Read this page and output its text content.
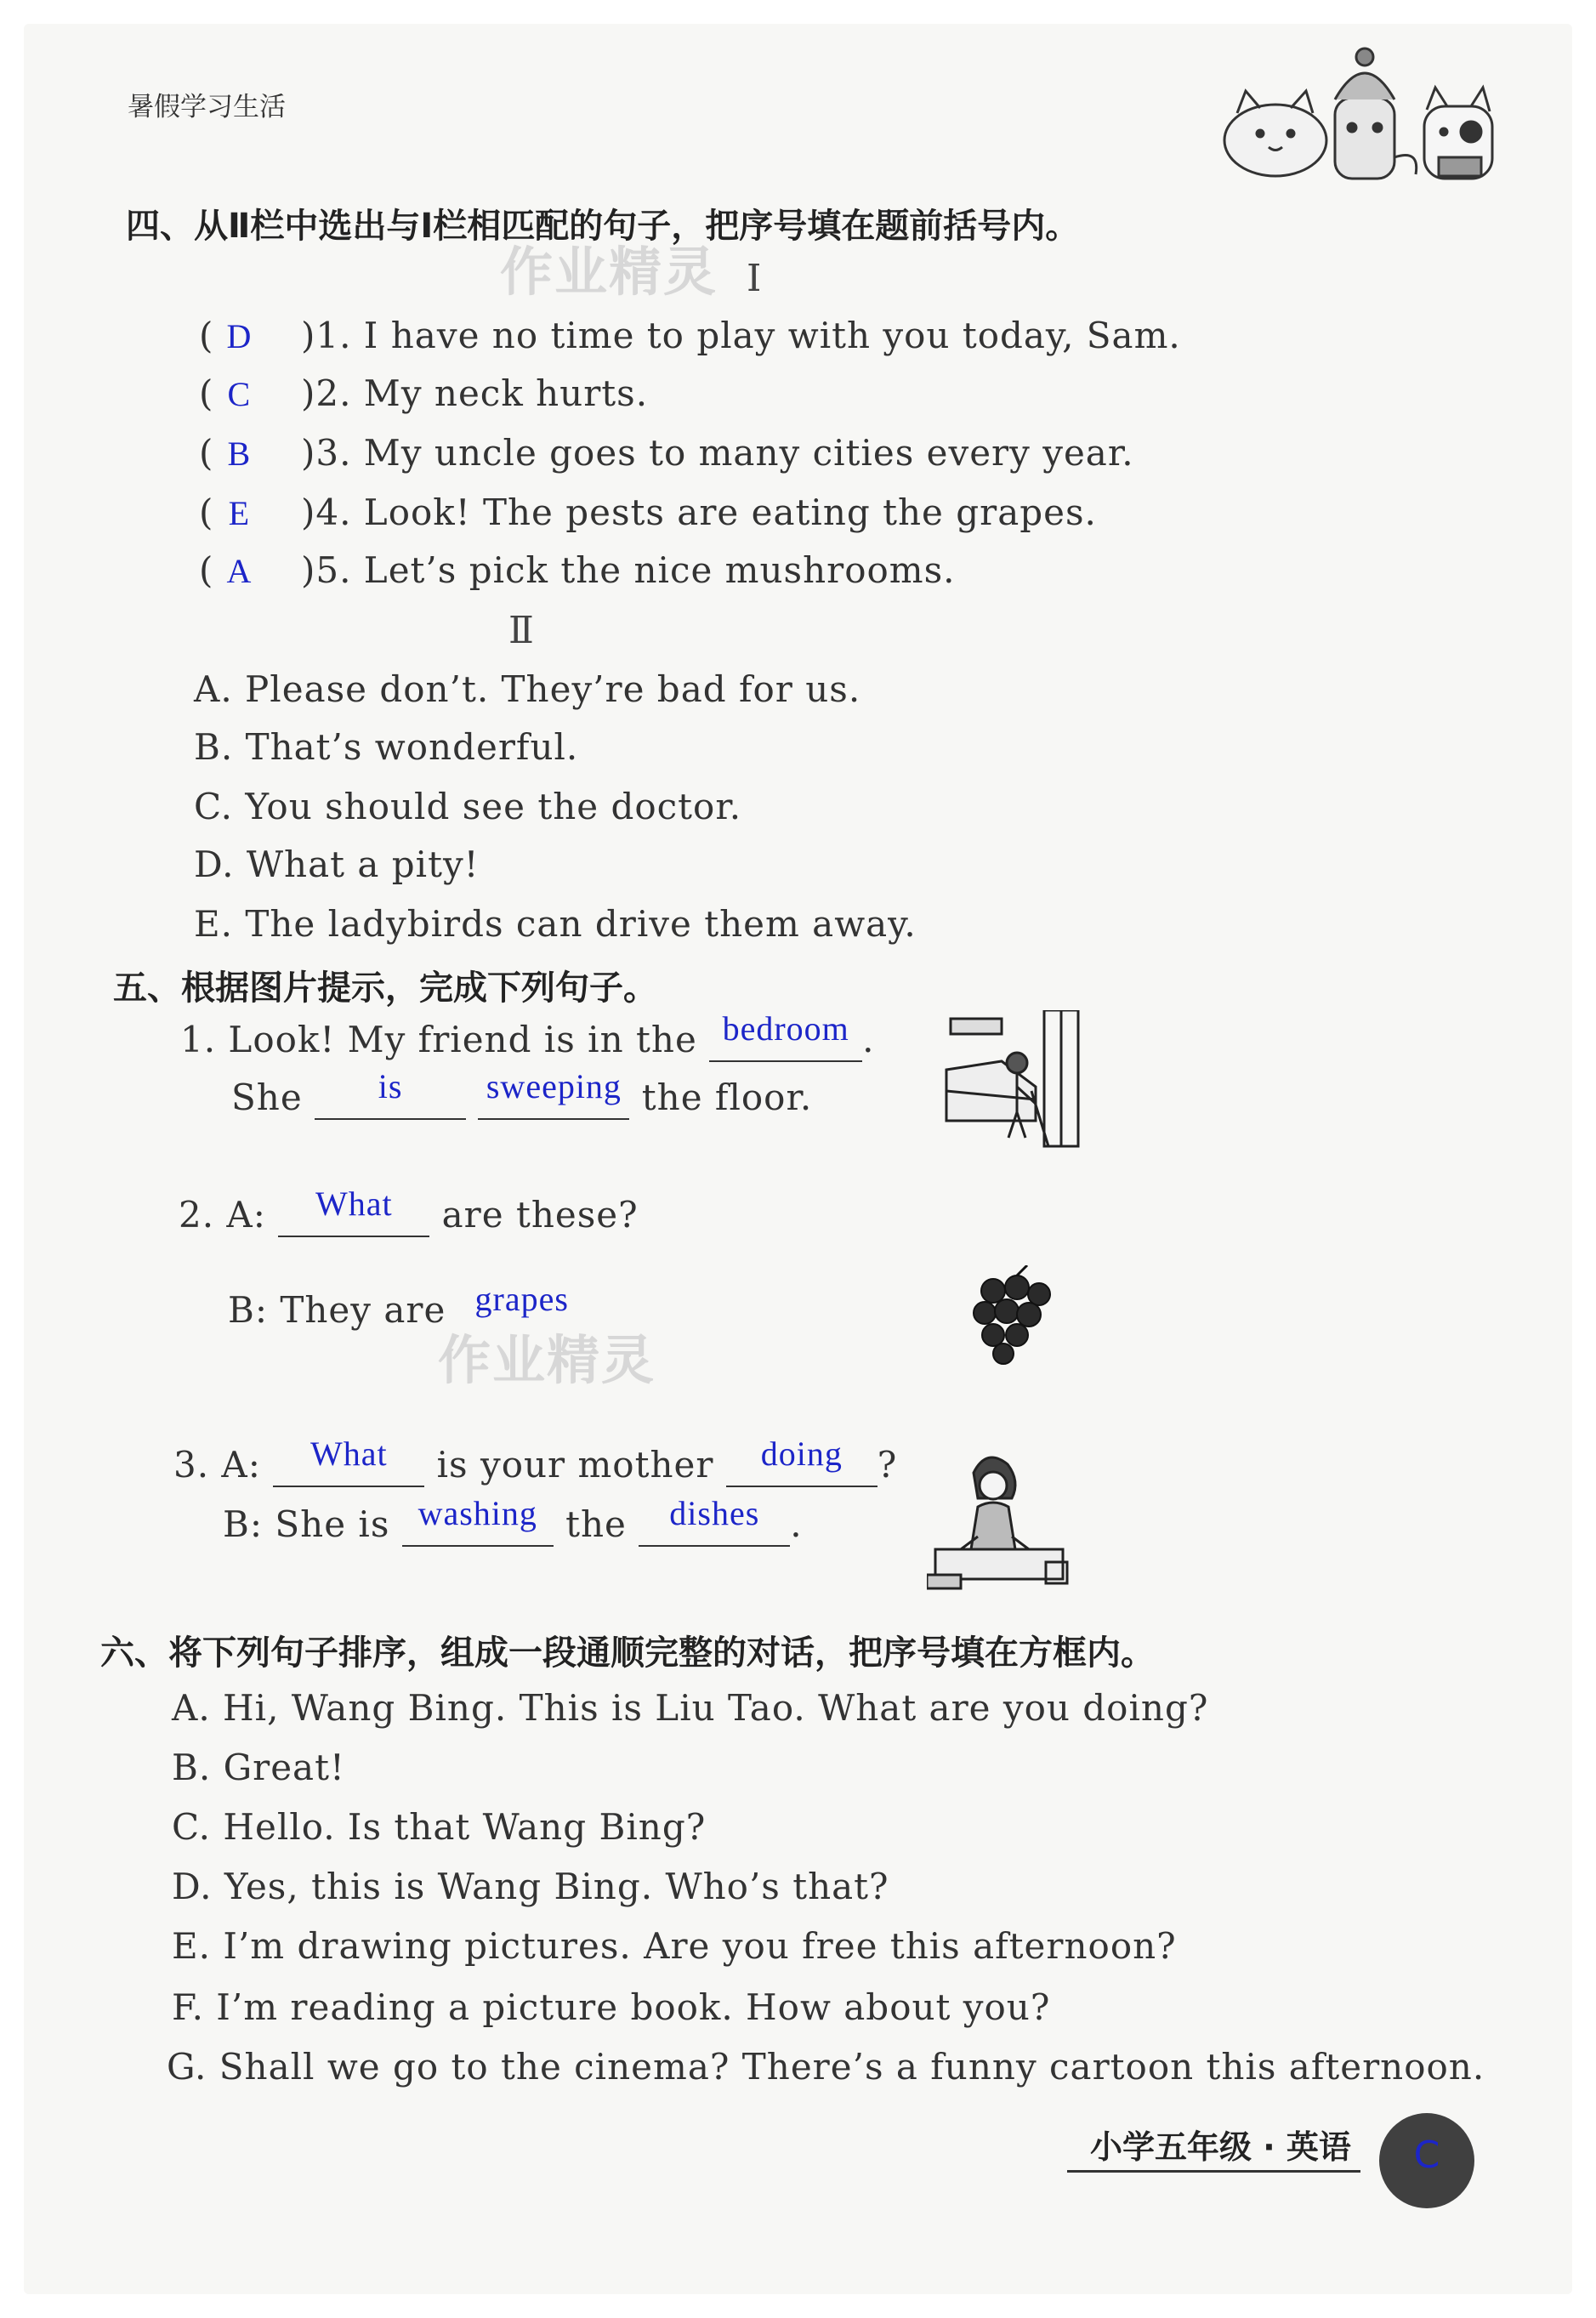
暑假学习生活
四、从Ⅱ栏中选出与Ⅰ栏相匹配的句子，把序号填在题前括号内。
作业精灵 Ⅰ
( D )1. I have no time to play with you today, Sam.
( C )2. My neck hurts.
( B )3. My uncle goes to many cities every year.
( E )4. Look! The pests are eating the grapes.
( A )5. Let’s pick the nice mushrooms.
Ⅱ
A. Please don’t. They’re bad for us.
B. That’s wonderful.
C. You should see the doctor.
D. What a pity!
E. The ladybirds can drive them away.
五、根据图片提示，完成下列句子。
1. Look! My friend is in the bedroom .
She is sweeping the floor.
2. A: What are these?
B: They are grapes
作业精灵
3. A: What is your mother doing ?
B: She is washing the dishes .
六、将下列句子排序，组成一段通顺完整的对话，把序号填在方框内。
A. Hi, Wang Bing. This is Liu Tao. What are you doing?
B. Great!
C. Hello. Is that Wang Bing?
D. Yes, this is Wang Bing. Who’s that?
E. I’m drawing pictures. Are you free this afternoon?
F. I’m reading a picture book. How about you?
G. Shall we go to the cinema? There’s a funny cartoon this afternoon.
小学五年级 · 英语	C
